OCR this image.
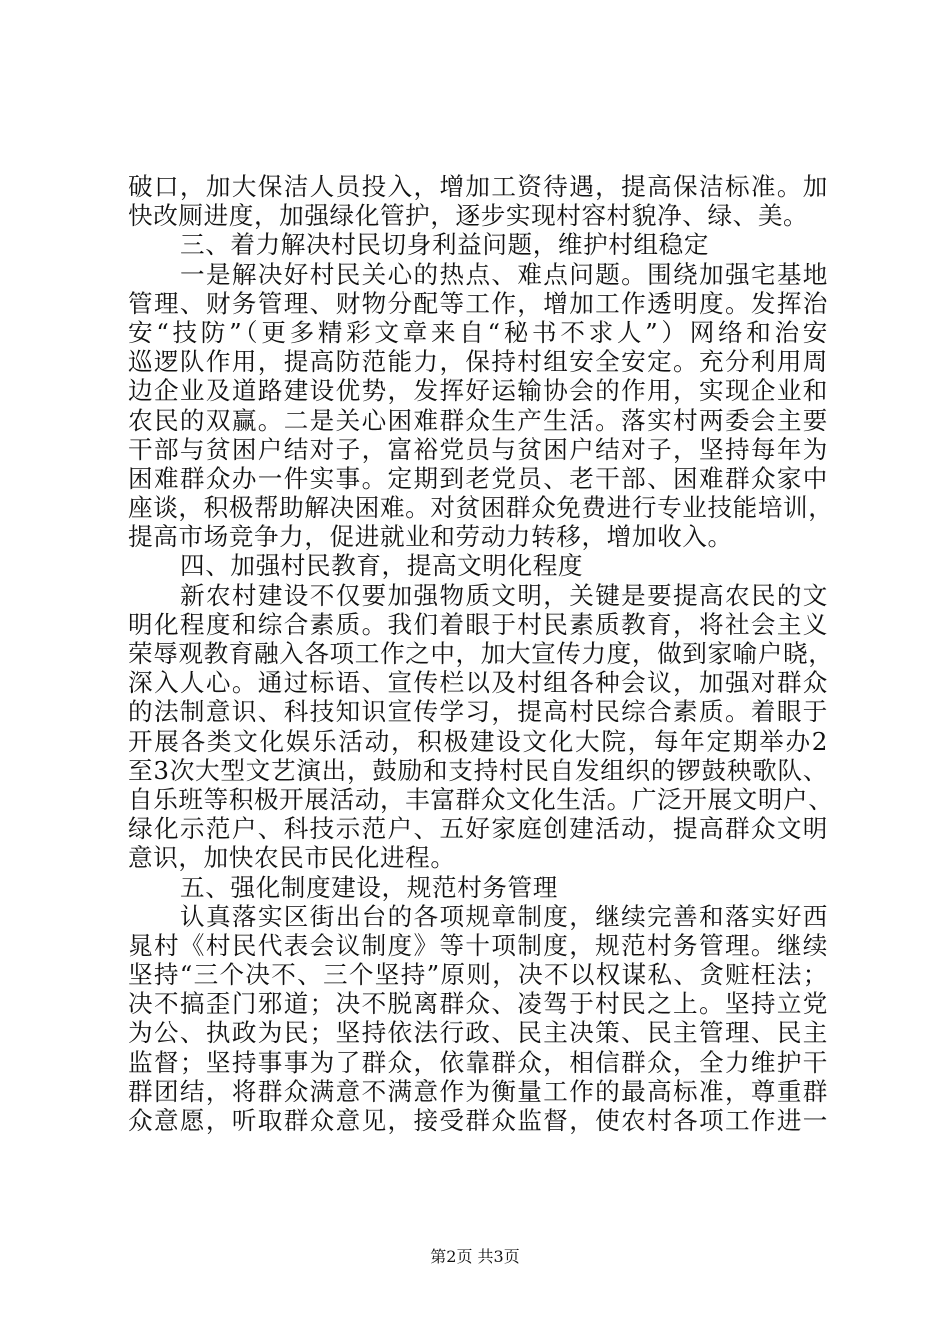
破口，加大保洁人员投入，增加工资待遇，提高保洁标准。加
快改厕进度，加强绿化管护，逐步实现村容村貌净、绿、美。
三、着力解决村民切身利益问题，维护村组稳定
一是解决好村民关心的热点、难点问题。围绕加强宅基地
管理、财务管理、财物分配等工作，增加工作透明度。发挥治
安“技防”（更多精彩文章来自“秘书不求人”）网络和治安
巡逻队作用，提高防范能力，保持村组安全安定。充分利用周
边企业及道路建设优势，发挥好运输协会的作用，实现企业和
农民的双赢。二是关心困难群众生产生活。落实村两委会主要
干部与贫困户结对子，富裕党员与贫困户结对子，坚持每年为
困难群众办一件实事。定期到老党员、老干部、困难群众家中
座谈，积极帮助解决困难。对贫困群众免费进行专业技能培训，
提高市场竞争力，促进就业和劳动力转移，增加收入。
四、加强村民教育，提高文明化程度
新农村建设不仅要加强物质文明，关键是要提高农民的文
明化程度和综合素质。我们着眼于村民素质教育，将社会主义
荣辱观教育融入各项工作之中，加大宣传力度，做到家喻户晓，
深入人心。通过标语、宣传栏以及村组各种会议，加强对群众
的法制意识、科技知识宣传学习，提高村民综合素质。着眼于
开展各类文化娱乐活动，积极建设文化大院，每年定期举办2
至3次大型文艺演出，鼓励和支持村民自发组织的锣鼓秧歌队、
自乐班等积极开展活动，丰富群众文化生活。广泛开展文明户、
绿化示范户、科技示范户、五好家庭创建活动，提高群众文明
意识，加快农民市民化进程。
五、强化制度建设，规范村务管理
认真落实区街出台的各项规章制度，继续完善和落实好西
晁村《村民代表会议制度》等十项制度，规范村务管理。继续
坚持“三个决不、三个坚持”原则，决不以权谋私、贪赃枉法；
决不搞歪门邪道；决不脱离群众、凌驾于村民之上。坚持立党
为公、执政为民；坚持依法行政、民主决策、民主管理、民主
监督；坚持事事为了群众，依靠群众，相信群众，全力维护干
群团结，将群众满意不满意作为衡量工作的最高标准，尊重群
众意愿，听取群众意见，接受群众监督，使农村各项工作进一
第2页 共3页
